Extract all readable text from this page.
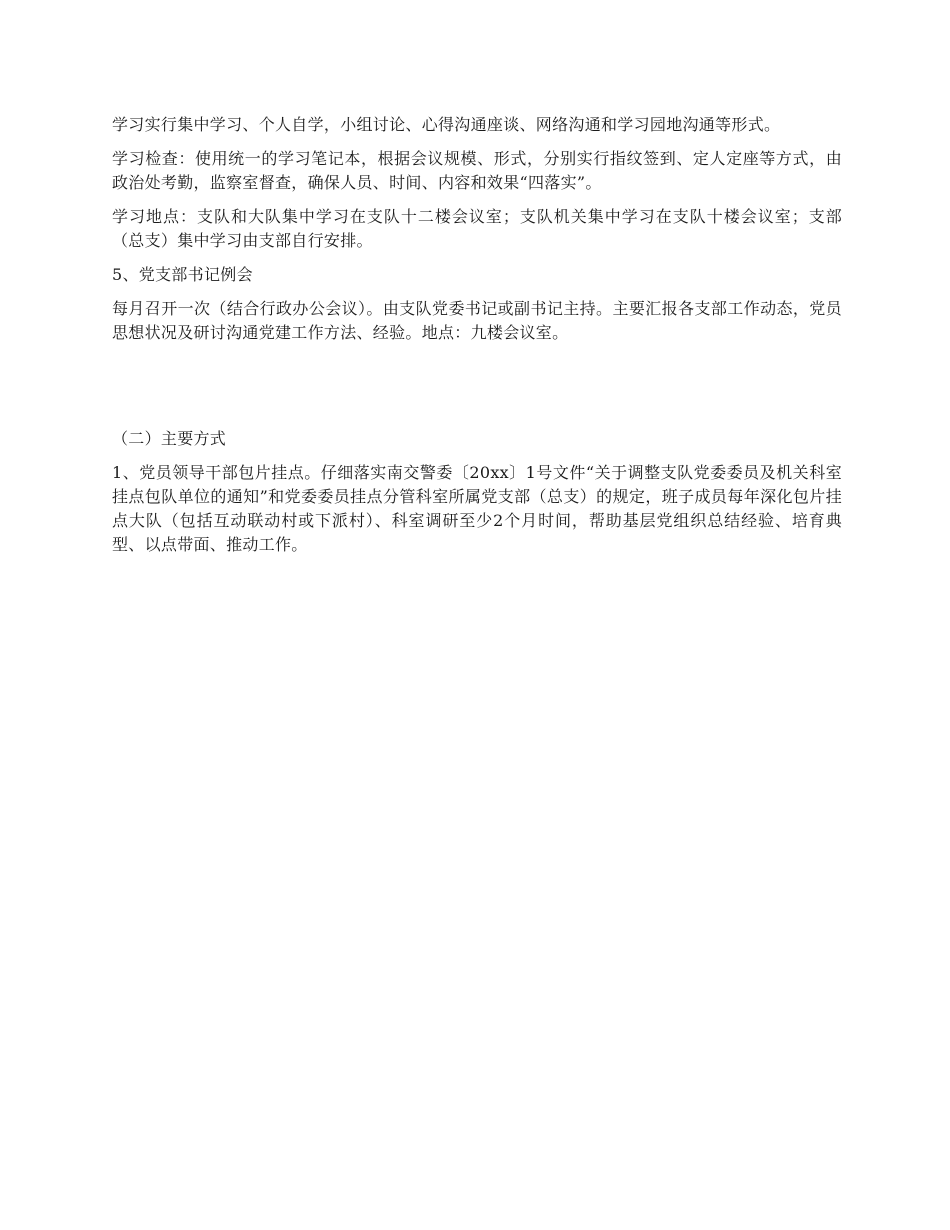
学习实行集中学习、个人自学，小组讨论、心得沟通座谈、网络沟通和学习园地沟通等形式。

学习检查：使用统一的学习笔记本，根据会议规模、形式，分别实行指纹签到、定人定座等方式，由政治处考勤，监察室督查，确保人员、时间、内容和效果“四落实”。

学习地点：支队和大队集中学习在支队十二楼会议室；支队机关集中学习在支队十楼会议室；支部（总支）集中学习由支部自行安排。

5、党支部书记例会

每月召开一次（结合行政办公会议）。由支队党委书记或副书记主持。主要汇报各支部工作动态，党员思想状况及研讨沟通党建工作方法、经验。地点：九楼会议室。

（二）主要方式

1、党员领导干部包片挂点。仔细落实南交警委〔20xx〕1号文件“关于调整支队党委委员及机关科室挂点包队单位的通知”和党委委员挂点分管科室所属党支部（总支）的规定，班子成员每年深化包片挂点大队（包括互动联动村或下派村）、科室调研至少2个月时间，帮助基层党组织总结经验、培育典型、以点带面、推动工作。
